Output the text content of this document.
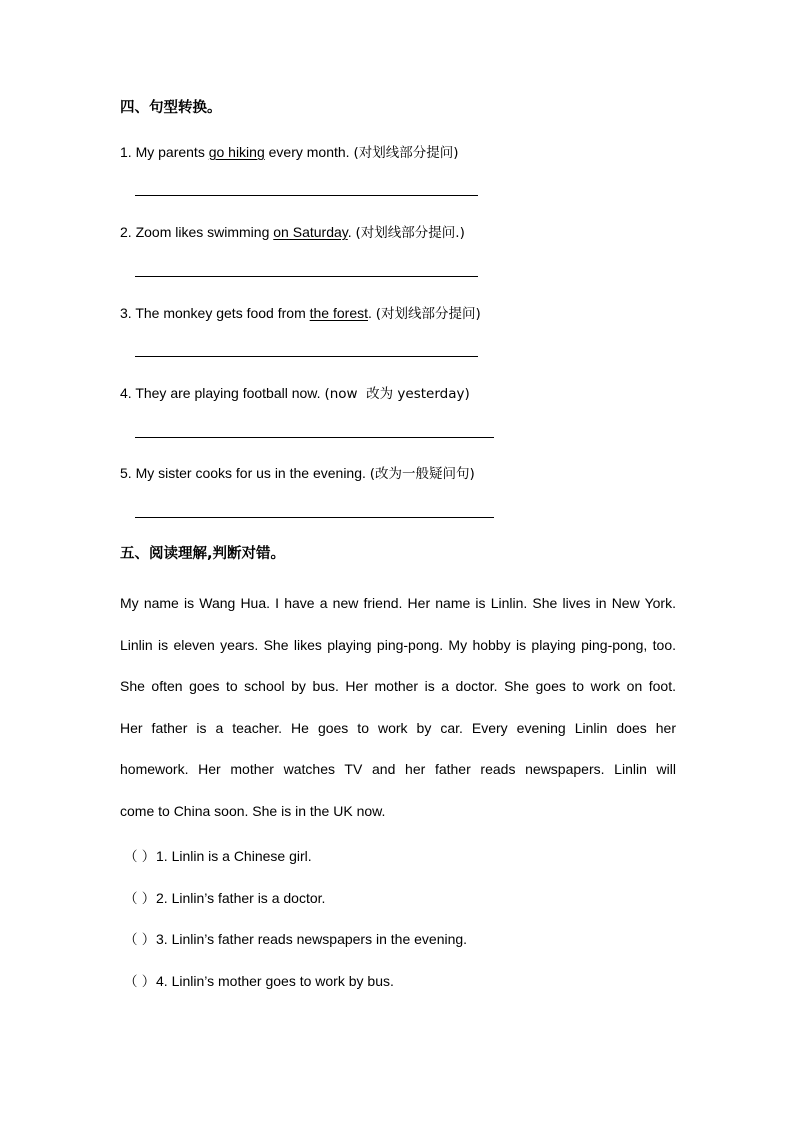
四、句型转换。
1. My parents go hiking every month. (对划线部分提问)
2. Zoom likes swimming on Saturday. (对划线部分提问.)
3. The monkey gets food from the forest. (对划线部分提问)
4. They are playing football now. (now  改为 yesterday)
5. My sister cooks for us in the evening. (改为一般疑问句)
五、阅读理解,判断对错。
My name is Wang Hua. I have a new friend. Her name is Linlin. She lives in New York.
Linlin is eleven years. She likes playing ping-pong. My hobby is playing ping-pong, too.
She often goes to school by bus. Her mother is a doctor. She goes to work on foot.
Her father is a teacher. He goes to work by car. Every evening Linlin does her
homework. Her mother watches TV and her father reads newspapers. Linlin will
come to China soon. She is in the UK now.
（ ）1. Linlin is a Chinese girl.
（ ）2. Linlin’s father is a doctor.
（ ）3. Linlin’s father reads newspapers in the evening.
（ ）4. Linlin’s mother goes to work by bus.
